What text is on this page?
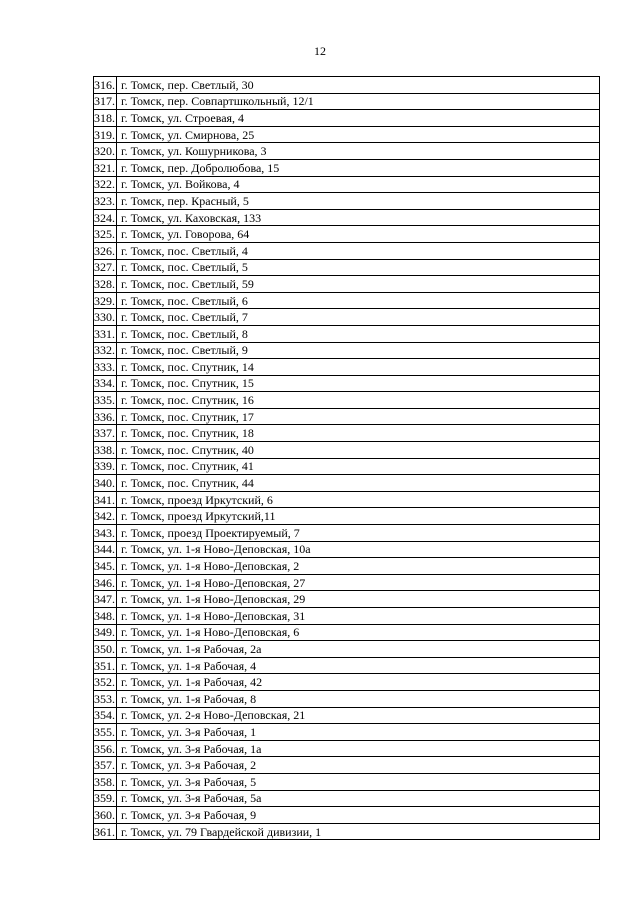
12
316.	г. Томск, пер. Светлый, 30
317.	г. Томск, пер. Совпартшкольный, 12/1
318.	г. Томск, ул. Строевая, 4
319.	г. Томск, ул. Смирнова, 25
320.	г. Томск, ул. Кошурникова, 3
321.	г. Томск, пер. Добролюбова, 15
322.	г. Томск, ул. Войкова, 4
323.	г. Томск, пер. Красный, 5
324.	г. Томск, ул. Каховская, 133
325.	г. Томск, ул. Говорова, 64
326.	г. Томск, пос. Светлый, 4
327.	г. Томск, пос. Светлый, 5
328.	г. Томск, пос. Светлый, 59
329.	г. Томск, пос. Светлый, 6
330.	г. Томск, пос. Светлый, 7
331.	г. Томск, пос. Светлый, 8
332.	г. Томск, пос. Светлый, 9
333.	г. Томск, пос. Спутник, 14
334.	г. Томск, пос. Спутник, 15
335.	г. Томск, пос. Спутник, 16
336.	г. Томск, пос. Спутник, 17
337.	г. Томск, пос. Спутник, 18
338.	г. Томск, пос. Спутник, 40
339.	г. Томск, пос. Спутник, 41
340.	г. Томск, пос. Спутник, 44
341.	г. Томск, проезд Иркутский, 6
342.	г. Томск, проезд Иркутский,11
343.	г. Томск, проезд Проектируемый, 7
344.	г. Томск, ул. 1-я Ново-Деповская, 10а
345.	г. Томск, ул. 1-я Ново-Деповская, 2
346.	г. Томск, ул. 1-я Ново-Деповская, 27
347.	г. Томск, ул. 1-я Ново-Деповская, 29
348.	г. Томск, ул. 1-я Ново-Деповская, 31
349.	г. Томск, ул. 1-я Ново-Деповская, 6
350.	г. Томск, ул. 1-я Рабочая, 2а
351.	г. Томск, ул. 1-я Рабочая, 4
352.	г. Томск, ул. 1-я Рабочая, 42
353.	г. Томск, ул. 1-я Рабочая, 8
354.	г. Томск, ул. 2-я Ново-Деповская, 21
355.	г. Томск, ул. 3-я Рабочая, 1
356.	г. Томск, ул. 3-я Рабочая, 1а
357.	г. Томск, ул. 3-я Рабочая, 2
358.	г. Томск, ул. 3-я Рабочая, 5
359.	г. Томск, ул. 3-я Рабочая, 5а
360.	г. Томск, ул. 3-я Рабочая, 9
361.	г. Томск, ул. 79 Гвардейской дивизии, 1
